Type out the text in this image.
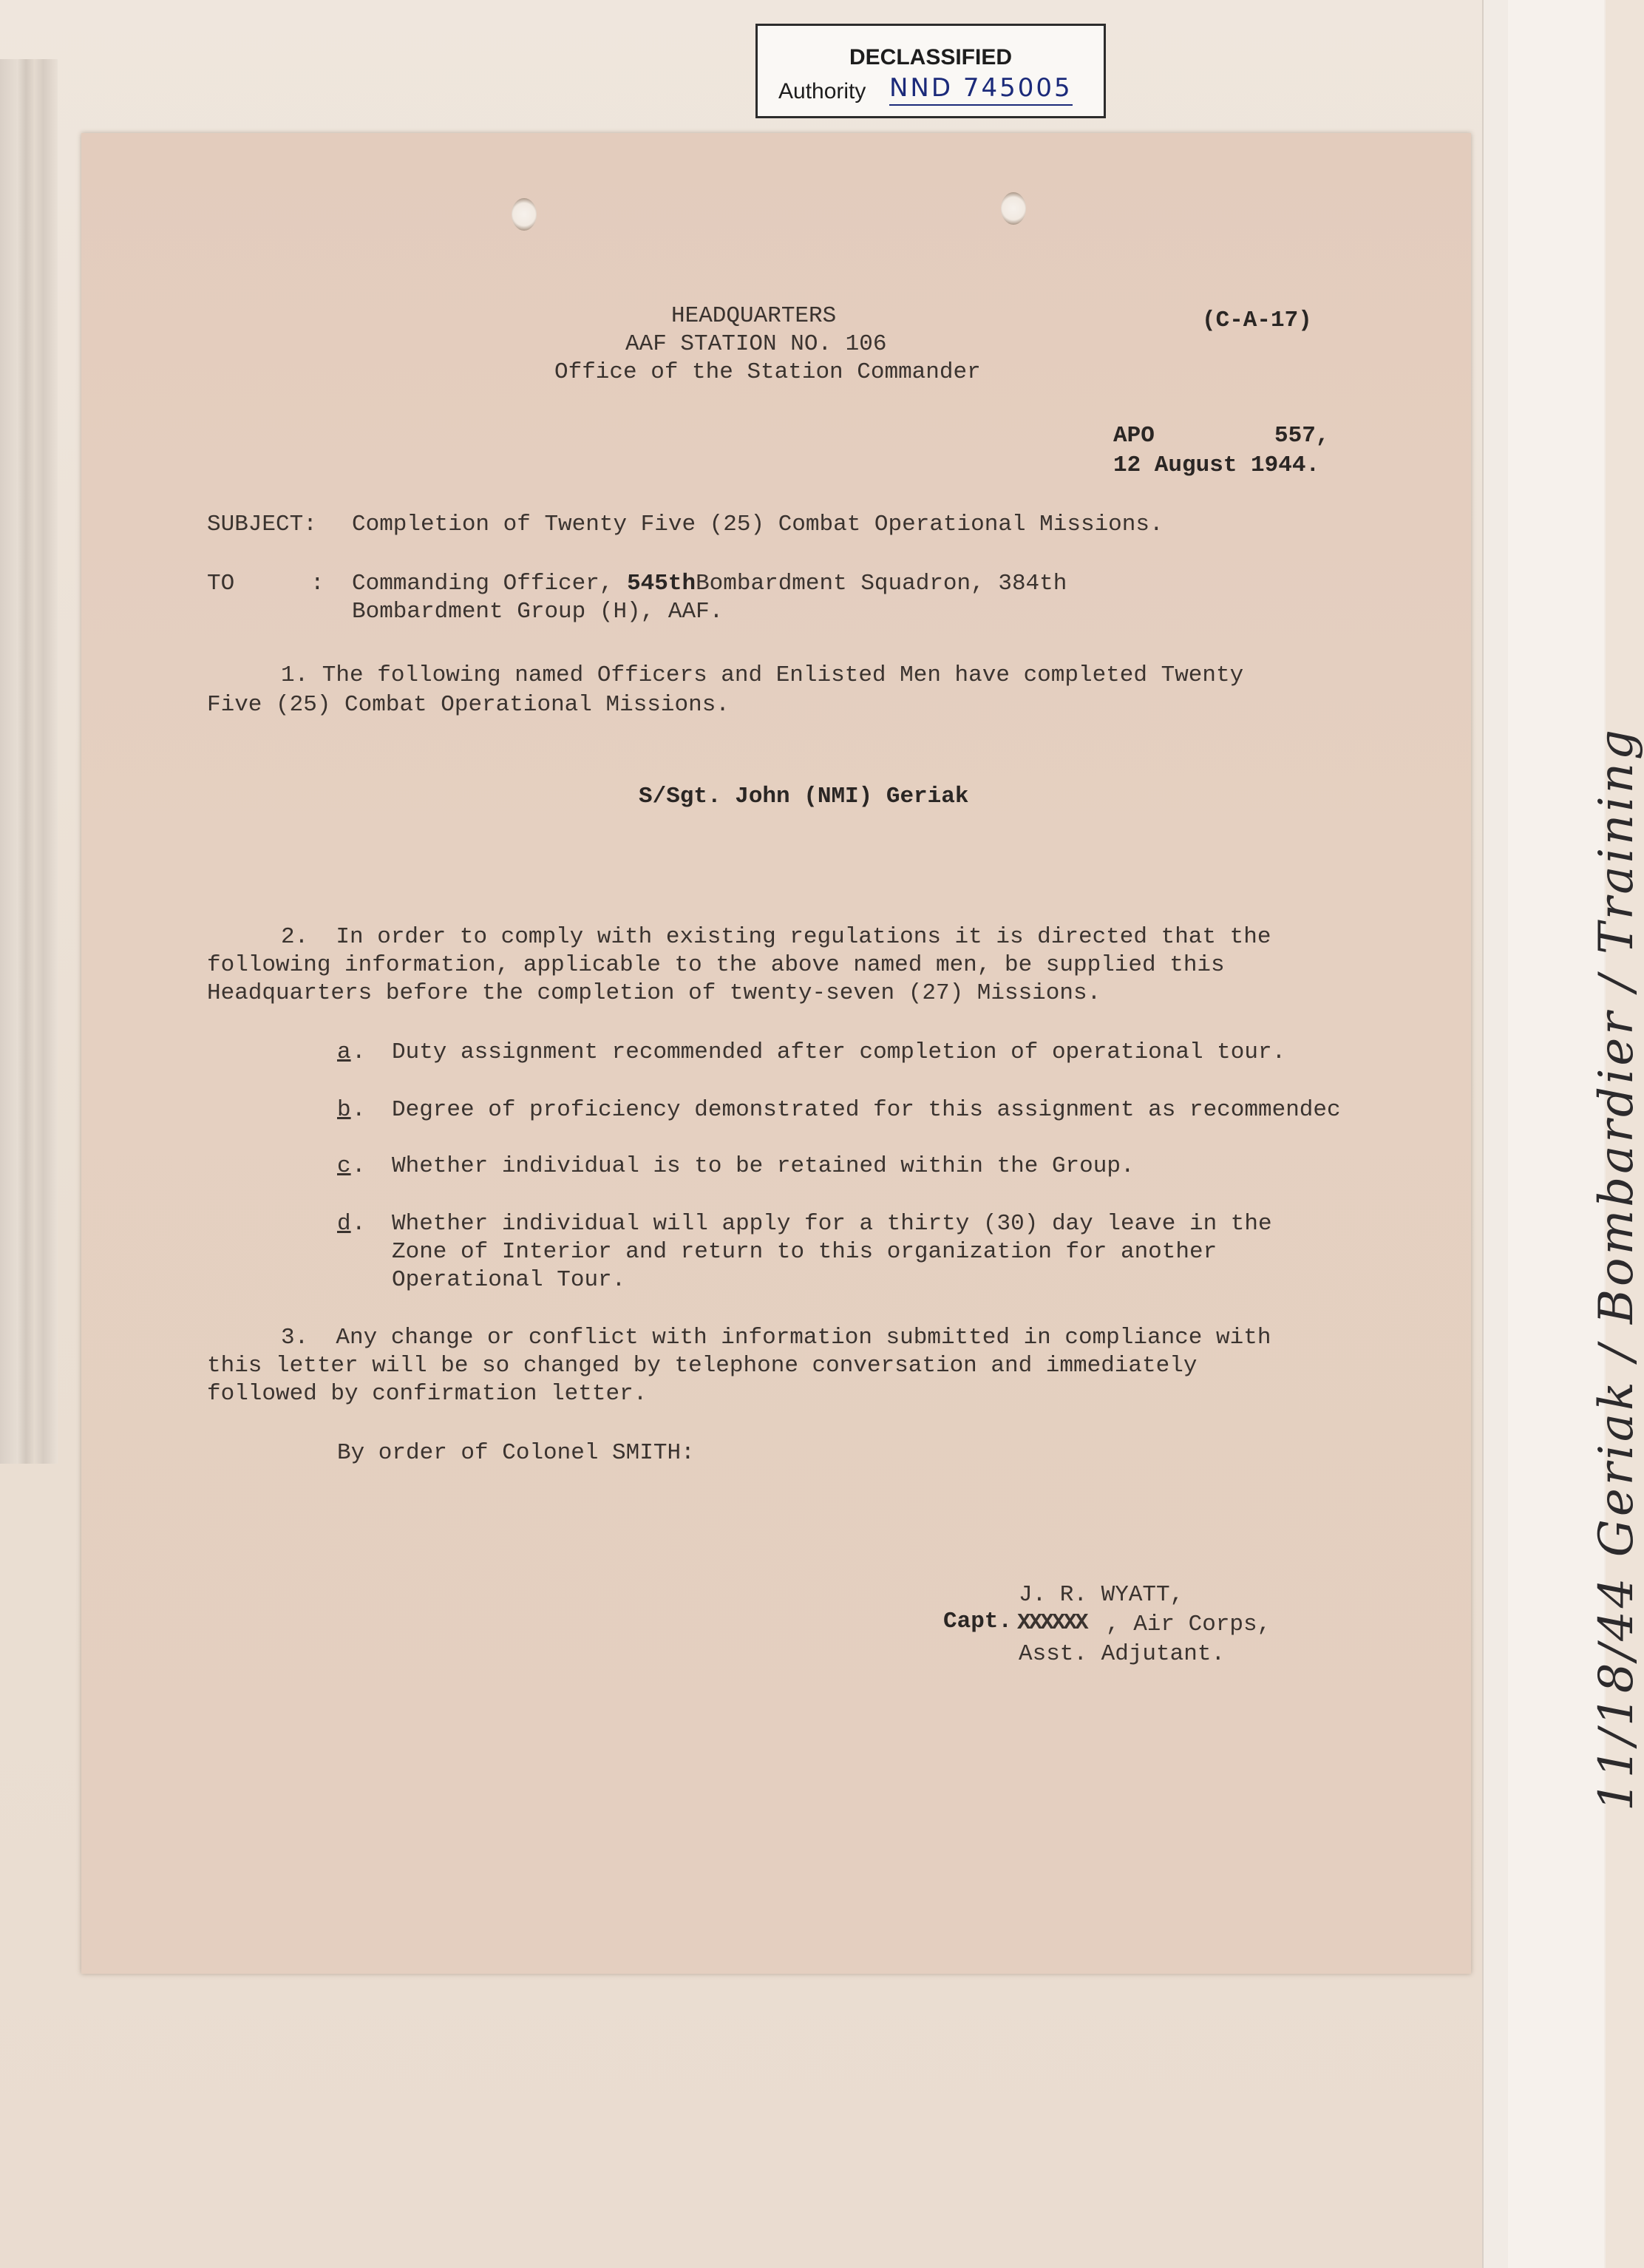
11/18/44 Geriak / Bombardier / Training
DECLASSIFIED
Authority NND 745005
HEADQUARTERS
AAF STATION NO. 106
Office of the Station Commander
(C-A-17)
APO	557,
12 August 1944.
SUBJECT: Completion of Twenty Five (25) Combat Operational Missions.
TO	: Commanding Officer, 545thBombardment Squadron, 384th
Bombardment Group (H), AAF.
1. The following named Officers and Enlisted Men have completed Twenty
Five (25) Combat Operational Missions.
S/Sgt. John (NMI) Geriak
2.  In order to comply with existing regulations it is directed that the
following information, applicable to the above named men, be supplied this
Headquarters before the completion of twenty-seven (27) Missions.
a . Duty assignment recommended after completion of operational tour.
b . Degree of proficiency demonstrated for this assignment as recommendec
c . Whether individual is to be retained within the Group.
d . Whether individual will apply for a thirty (30) day leave in the
Zone of Interior and return to this organization for another
Operational Tour.
3.  Any change or conflict with information submitted in compliance with
this letter will be so changed by telephone conversation and immediately
followed by confirmation letter.
By order of Colonel SMITH:
J. R. WYATT,
Capt. XXXXXX , Air Corps,
Asst. Adjutant.
